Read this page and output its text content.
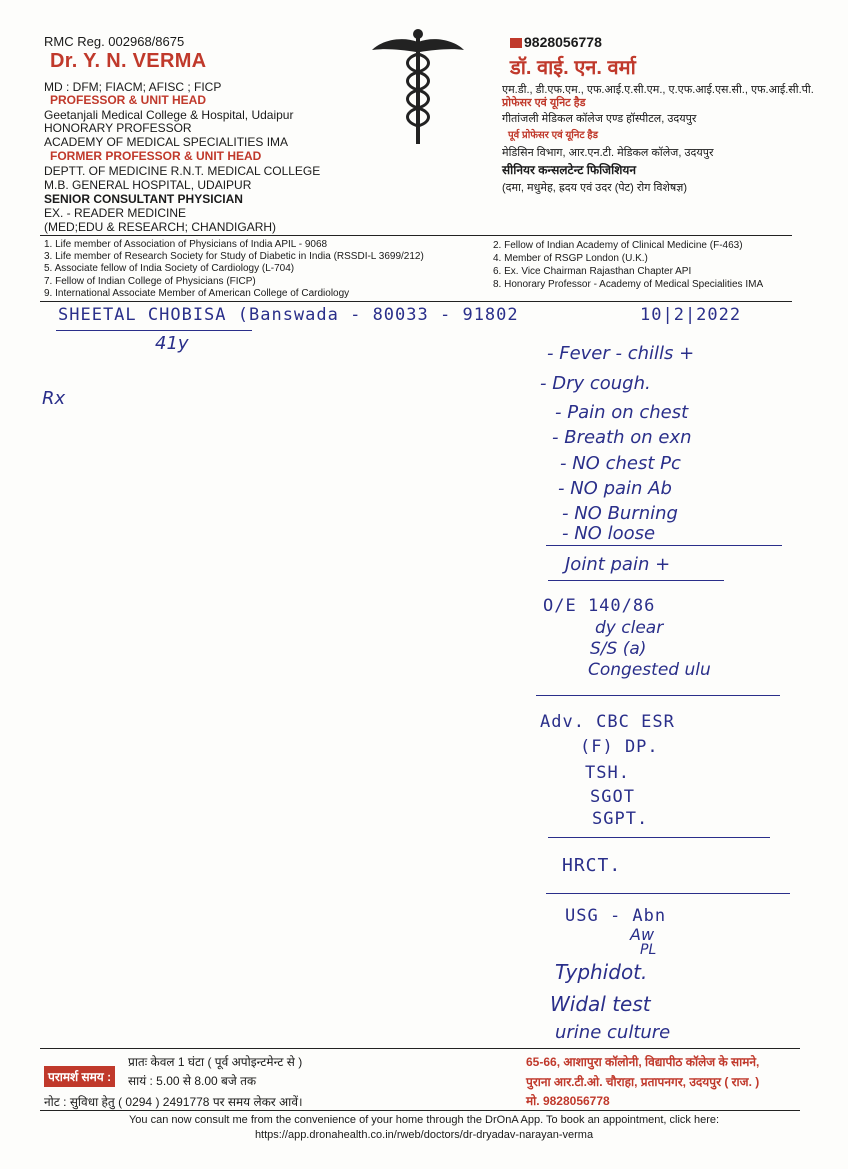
RMC Reg. 002968/8675
Dr. Y. N. VERMA
MD : DFM; FIACM; AFISC ; FICP
PROFESSOR & UNIT HEAD
Geetanjali Medical College & Hospital, Udaipur
HONORARY PROFESSOR
ACADEMY OF MEDICAL SPECIALITIES IMA
FORMER PROFESSOR & UNIT HEAD
DEPTT. OF MEDICINE R.N.T. MEDICAL COLLEGE
M.B. GENERAL HOSPITAL, UDAIPUR
SENIOR CONSULTANT PHYSICIAN
EX. - READER MEDICINE
(MED;EDU & RESEARCH; CHANDIGARH)
9828056778
डॉ. वाई. एन. वर्मा
एम.डी., डी.एफ.एम., एफ.आई.ए.सी.एम., ए.एफ.आई.एस.सी., एफ.आई.सी.पी.
प्रोफेसर एवं यूनिट हैड
गीतांजली मेडिकल कॉलेज एण्ड हॉस्पीटल, उदयपुर
पूर्व प्रोफेसर एवं यूनिट हैड
मेडिसिन विभाग, आर.एन.टी. मेडिकल कॉलेज, उदयपुर
सीनियर कन्सलटेन्ट फिजिशियन
(दमा, मधुमेह, ह्रदय एवं उदर (पेट) रोग विशेषज्ञ)
1. Life member of Association of Physicians of India APIL - 9068	2. Fellow of Indian Academy of Clinical Medicine (F-463)
3. Life member of Research Society for Study of Diabetic in India (RSSDI-L 3699/212)	4. Member of RSGP London (U.K.)
5. Associate fellow of India Society of Cardiology (L-704)	6. Ex. Vice Chairman Rajasthan Chapter API
7. Fellow of Indian College of Physicians (FICP)	8. Honorary Professor - Academy of Medical Specialities IMA
9. International Associate Member of American College of Cardiology
SHEETAL CHOBISA (Banswada - 80033 - 91802	10|2|2022
41y
Rx
- Fever - chills +
- Dry cough.
- Pain on chest
- Breath on exn
- NO chest Pc
- NO pain Ab
- NO Burning
- NO loose
Joint pain +
O/E 140/86
dy clear
S/S (a)
Congested ulu
Adv. CBC ESR
(F) DP.
TSH.
SGOT
SGPT.
HRCT.
USG - Abn
Aw
PL
Typhidot.
Widal test
urine culture
प्रातः केवल 1 घंटा ( पूर्व अपोइन्टमेन्ट से )
परामर्श समय :	सायं : 5.00 से 8.00 बजे तक
नोट : सुविधा हेतु ( 0294 ) 2491778 पर समय लेकर आवें।
65-66, आशापुरा कॉलोनी, विद्यापीठ कॉलेज के सामने,
पुराना आर.टी.ओ. चौराहा, प्रतापनगर, उदयपुर ( राज. )
मो. 9828056778
You can now consult me from the convenience of your home through the DrOnA App. To book an appointment, click here:
https://app.dronahealth.co.in/rweb/doctors/dr-dryadav-narayan-verma
